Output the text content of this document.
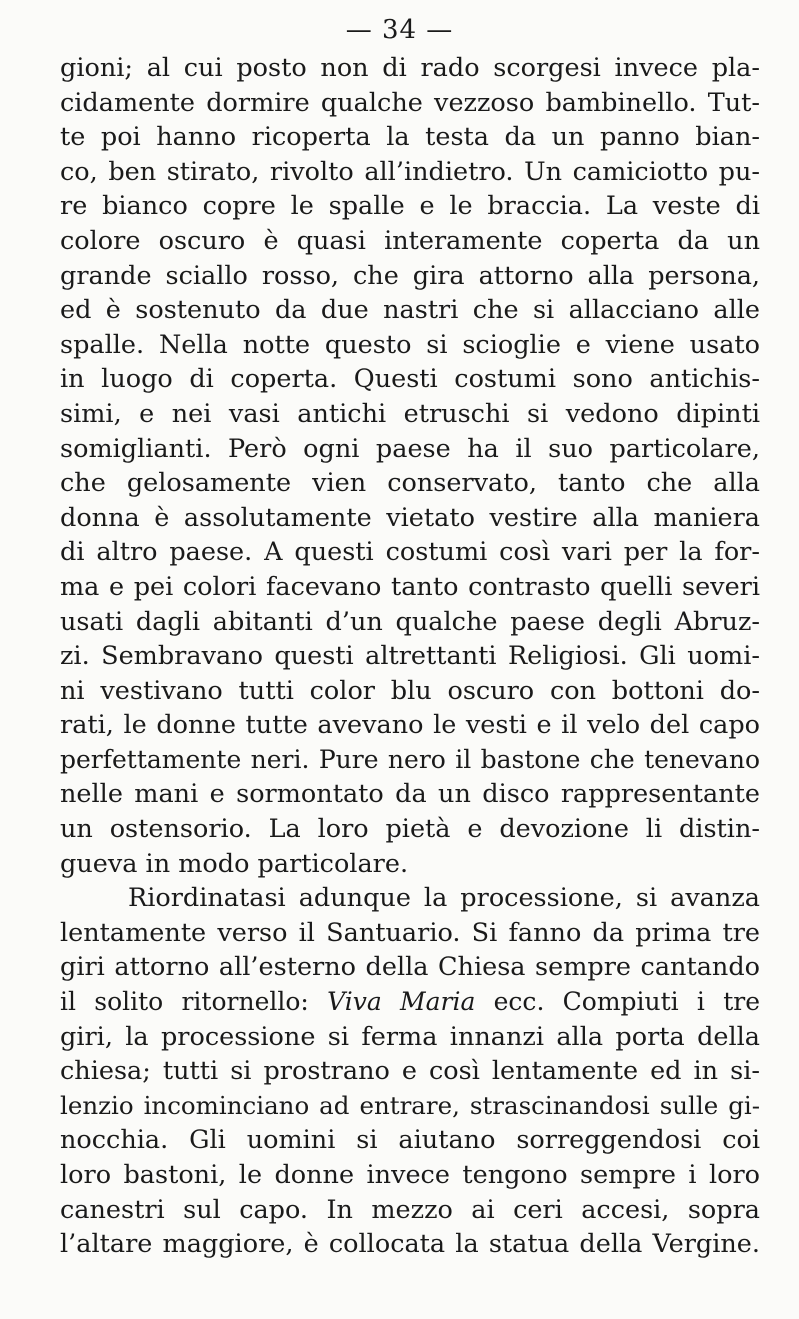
— 34 —
gioni; al cui posto non di rado scorgesi invece pla-
cidamente dormire qualche vezzoso bambinello. Tut-
te poi hanno ricoperta la testa da un panno bian-
co, ben stirato, rivolto all’indietro. Un camiciotto pu-
re bianco copre le spalle e le braccia. La veste di
colore oscuro è quasi interamente coperta da un
grande sciallo rosso, che gira attorno alla persona,
ed è sostenuto da due nastri che si allacciano alle
spalle. Nella notte questo si scioglie e viene usato
in luogo di coperta. Questi costumi sono antichis-
simi, e nei vasi antichi etruschi si vedono dipinti
somiglianti. Però ogni paese ha il suo particolare,
che gelosamente vien conservato, tanto che alla
donna è assolutamente vietato vestire alla maniera
di altro paese. A questi costumi così vari per la for-
ma e pei colori facevano tanto contrasto quelli severi
usati dagli abitanti d’un qualche paese degli Abruz-
zi. Sembravano questi altrettanti Religiosi. Gli uomi-
ni vestivano tutti color blu oscuro con bottoni do-
rati, le donne tutte avevano le vesti e il velo del capo
perfettamente neri. Pure nero il bastone che tenevano
nelle mani e sormontato da un disco rappresentante
un ostensorio. La loro pietà e devozione li distin-
gueva in modo particolare.
Riordinatasi adunque la processione, si avanza
lentamente verso il Santuario. Si fanno da prima tre
giri attorno all’esterno della Chiesa sempre cantando
il solito ritornello: Viva Maria ecc. Compiuti i tre
giri, la processione si ferma innanzi alla porta della
chiesa; tutti si prostrano e così lentamente ed in si-
lenzio incominciano ad entrare, strascinandosi sulle gi-
nocchia. Gli uomini si aiutano sorreggendosi coi
loro bastoni, le donne invece tengono sempre i loro
canestri sul capo. In mezzo ai ceri accesi, sopra
l’altare maggiore, è collocata la statua della Vergine.
